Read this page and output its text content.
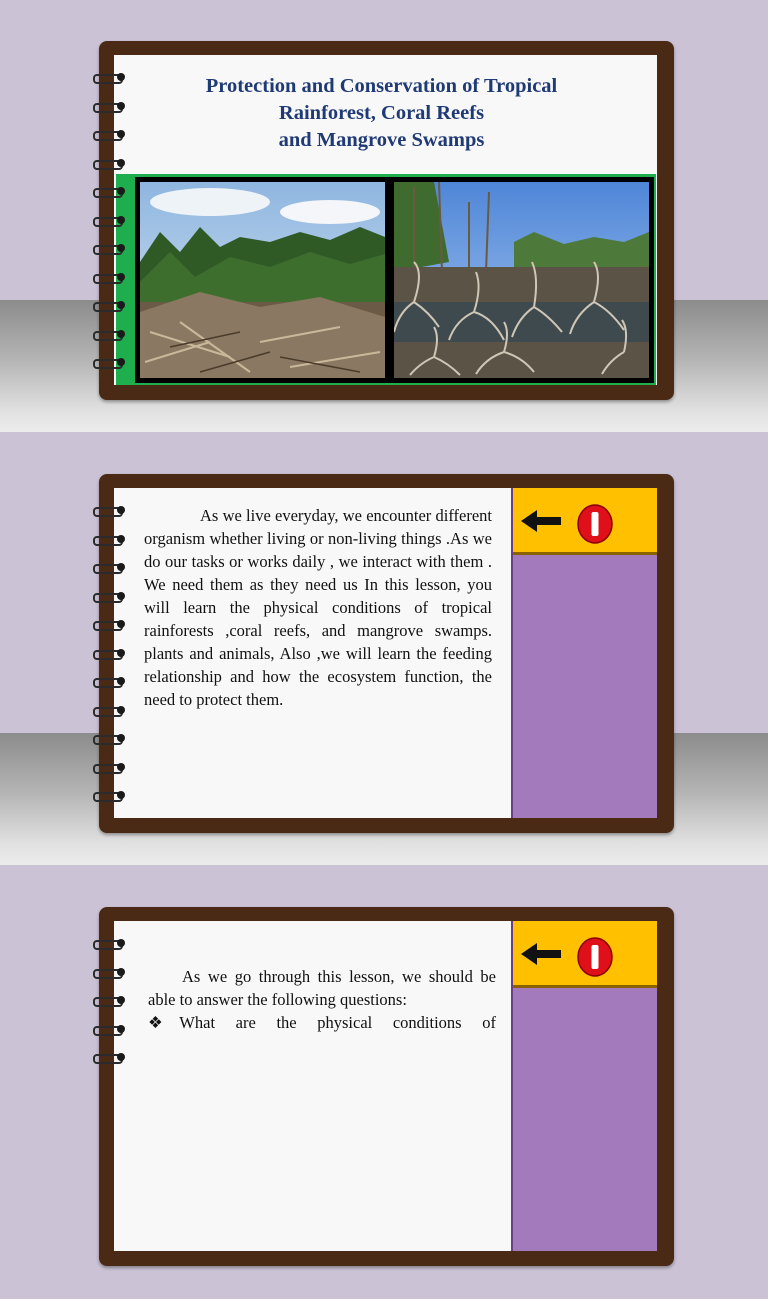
Protection and Conservation of Tropical
Rainforest, Coral Reefs
and Mangrove Swamps
As we live everyday, we encounter different organism whether living or non-living things .As we do our tasks or works daily , we interact with them . We need them as they need us In this lesson, you will learn the physical conditions of tropical rainforests ,coral reefs, and mangrove swamps. plants and animals, Also ,we will learn the feeding relationship and how the ecosystem function, the need to protect them.
As we go through this lesson, we should be able to answer the following questions:
❖What are the physical conditions of
